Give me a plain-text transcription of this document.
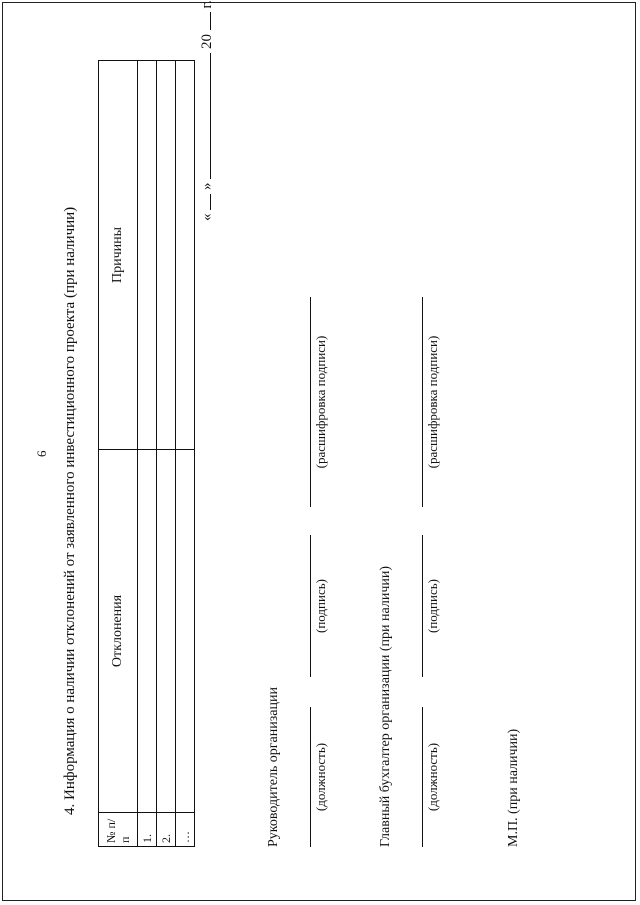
6 4. Информация о наличии отклонений от заявленного инвестиционного проекта (при наличии)
№ п/п	Отклонения	Причины
1.		
2.		
…		
«  »  20  г.
Руководитель организации (должность)
(подпись)
(расшифровка подписи)
Главный бухгалтер организации (при наличии) (должность)
(подпись)
(расшифровка подписи)
М.П. (при наличии)
